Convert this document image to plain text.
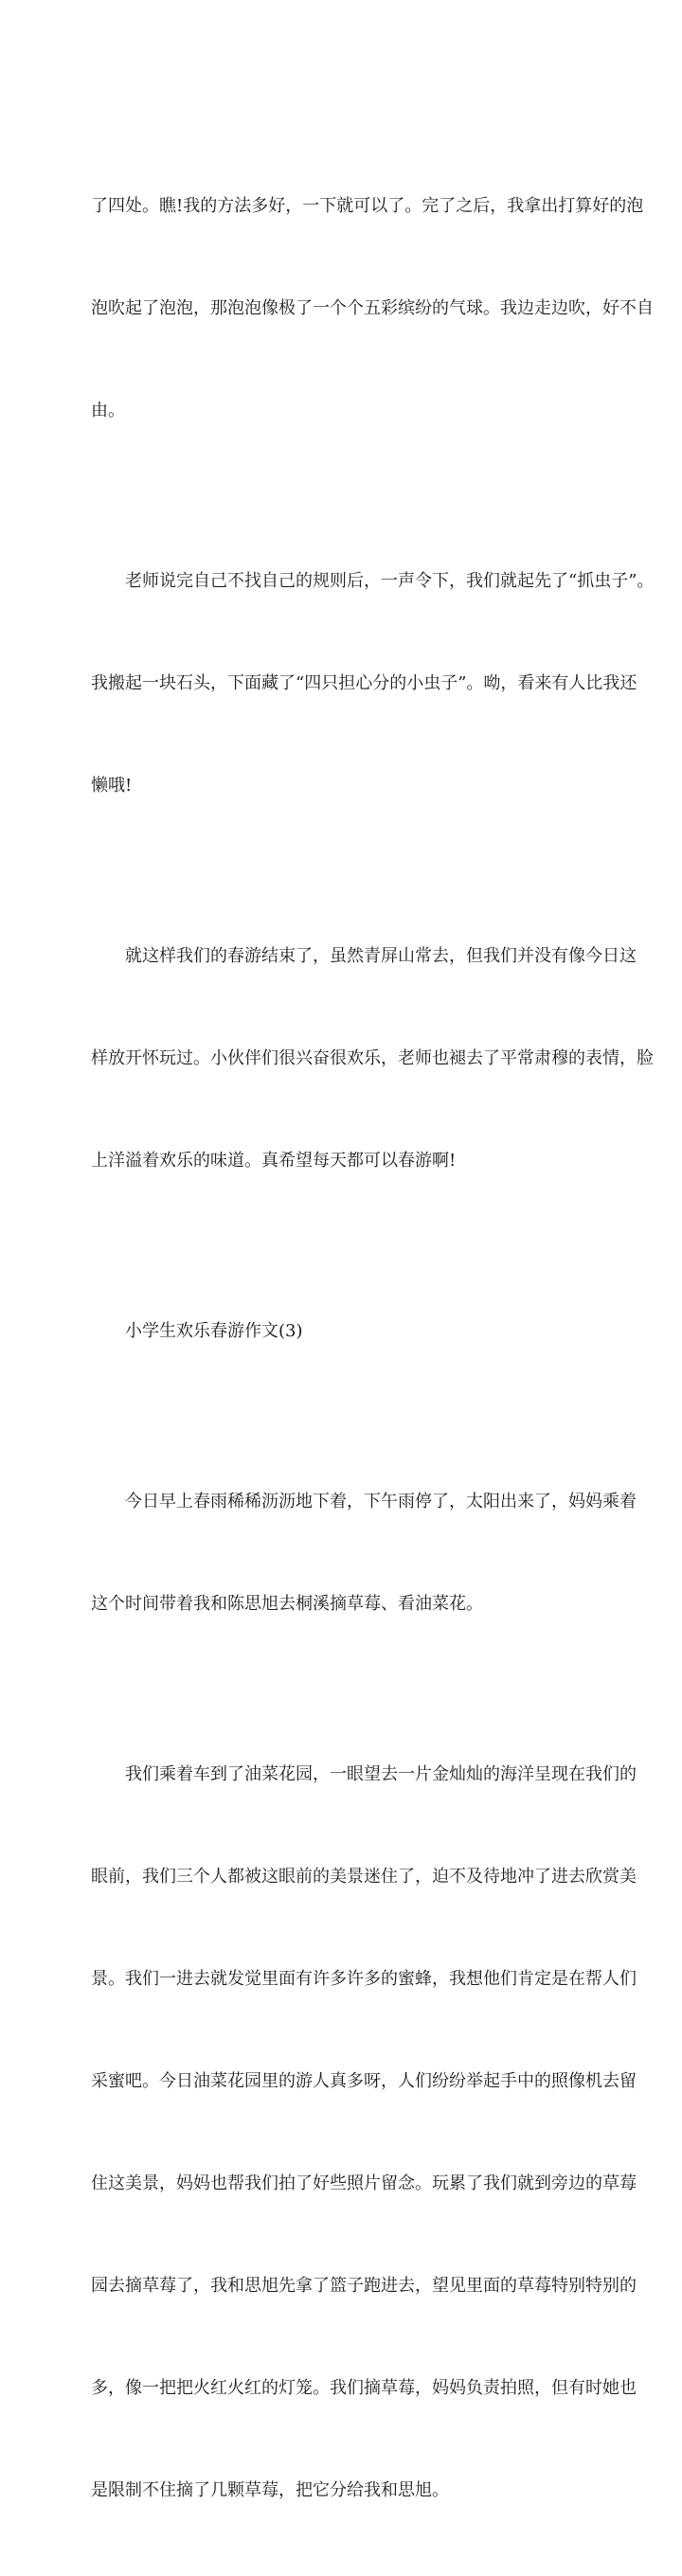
了四处。瞧!我的方法多好，一下就可以了。完了之后，我拿出打算好的泡

泡吹起了泡泡，那泡泡像极了一个个五彩缤纷的气球。我边走边吹，好不自

由。

老师说完自己不找自己的规则后，一声令下，我们就起先了“抓虫子”。

我搬起一块石头，下面藏了“四只担心分的小虫子”。呦，看来有人比我还

懒哦!

就这样我们的春游结束了，虽然青屏山常去，但我们并没有像今日这

样放开怀玩过。小伙伴们很兴奋很欢乐，老师也褪去了平常肃穆的表情，脸

上洋溢着欢乐的味道。真希望每天都可以春游啊!

小学生欢乐春游作文(3)

今日早上春雨稀稀沥沥地下着，下午雨停了，太阳出来了，妈妈乘着

这个时间带着我和陈思旭去桐溪摘草莓、看油菜花。

我们乘着车到了油菜花园，一眼望去一片金灿灿的海洋呈现在我们的

眼前，我们三个人都被这眼前的美景迷住了，迫不及待地冲了进去欣赏美

景。我们一进去就发觉里面有许多许多的蜜蜂，我想他们肯定是在帮人们

采蜜吧。今日油菜花园里的游人真多呀，人们纷纷举起手中的照像机去留

住这美景，妈妈也帮我们拍了好些照片留念。玩累了我们就到旁边的草莓

园去摘草莓了，我和思旭先拿了篮子跑进去，望见里面的草莓特别特别的

多，像一把把火红火红的灯笼。我们摘草莓，妈妈负责拍照，但有时她也

是限制不住摘了几颗草莓，把它分给我和思旭。
